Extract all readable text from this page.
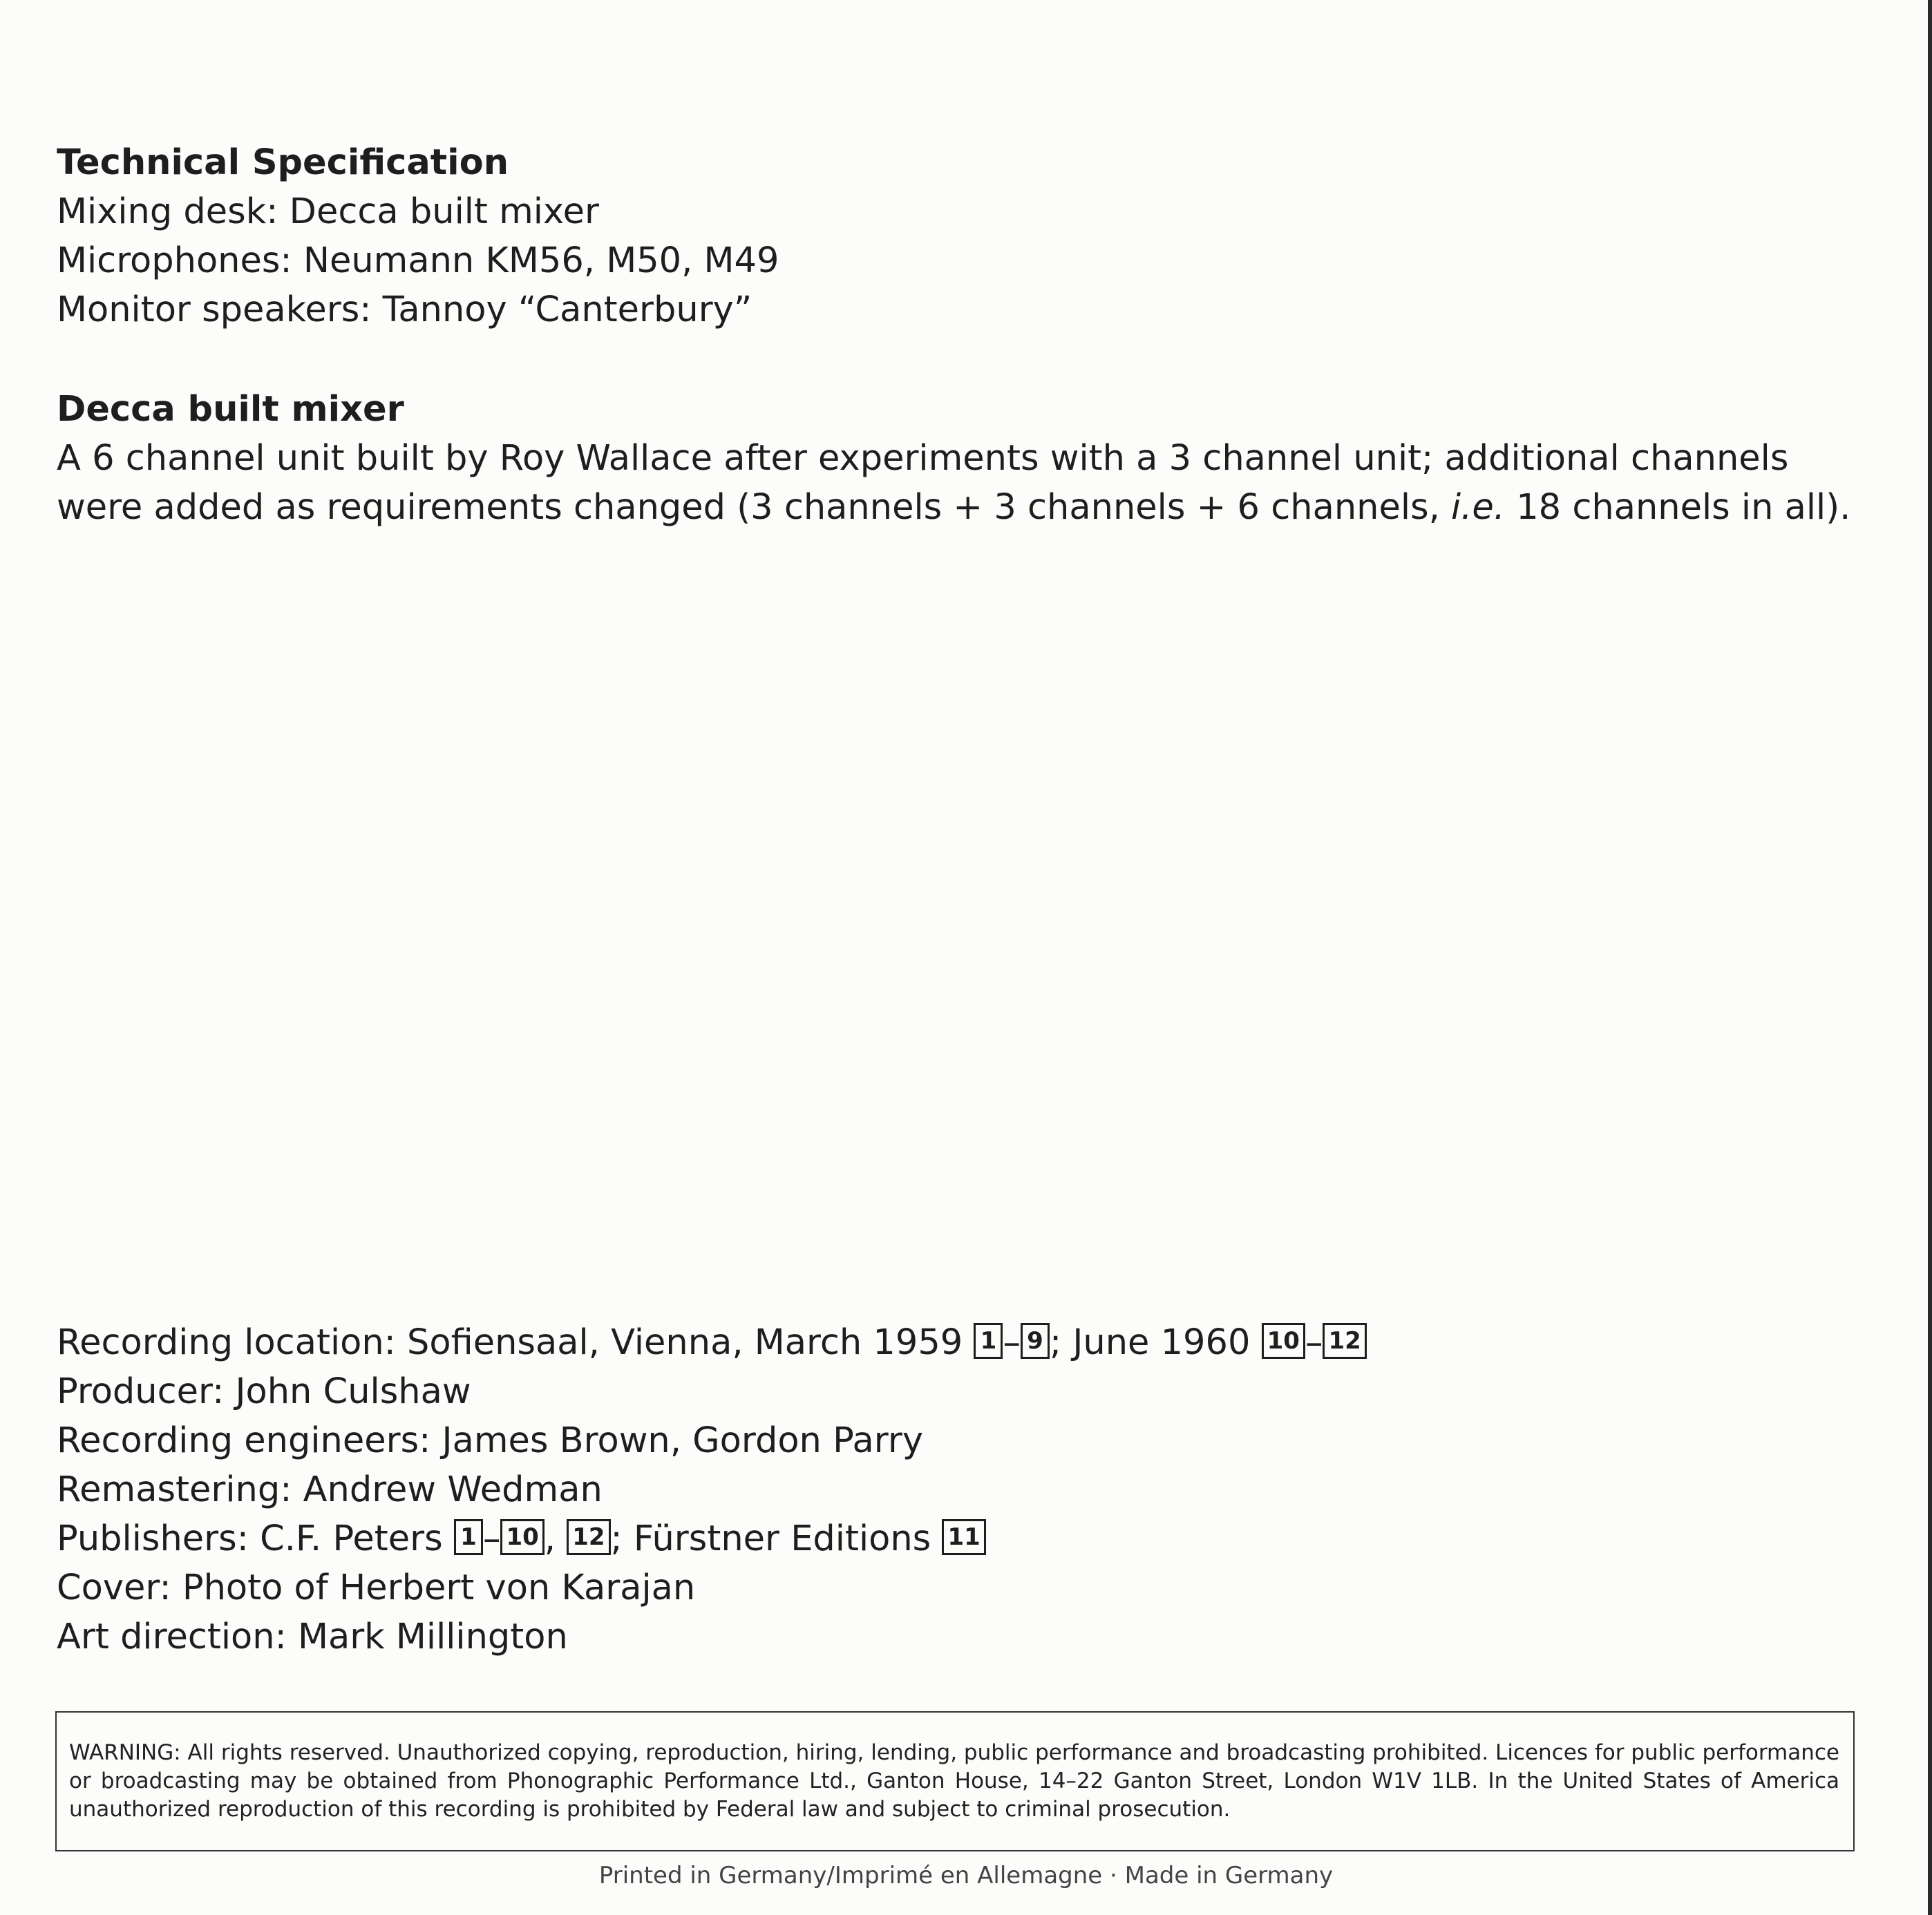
Technical Specification
Mixing desk: Decca built mixer
Microphones: Neumann KM56, M50, M49
Monitor speakers: Tannoy “Canterbury”
Decca built mixer
A 6 channel unit built by Roy Wallace after experiments with a 3 channel unit; additional channels
were added as requirements changed (3 channels + 3 channels + 6 channels, i.e. 18 channels in all).
Recording location: Sofiensaal, Vienna, March 1959 1 – 9 ; June 1960 10 – 12
Producer: John Culshaw
Recording engineers: James Brown, Gordon Parry
Remastering: Andrew Wedman
Publishers: C.F. Peters 1 – 10 , 12 ; Fürstner Editions 11
Cover: Photo of Herbert von Karajan
Art direction: Mark Millington
WARNING: All rights reserved. Unauthorized copying, reproduction, hiring, lending, public performance and broadcasting prohibited. Licences for public performance or broadcasting may be obtained from Phonographic Performance Ltd., Ganton House, 14–22 Ganton Street, London W1V 1LB. In the United States of America unauthorized reproduction of this recording is prohibited by Federal law and subject to criminal prosecution.
Printed in Germany/Imprimé en Allemagne · Made in Germany
